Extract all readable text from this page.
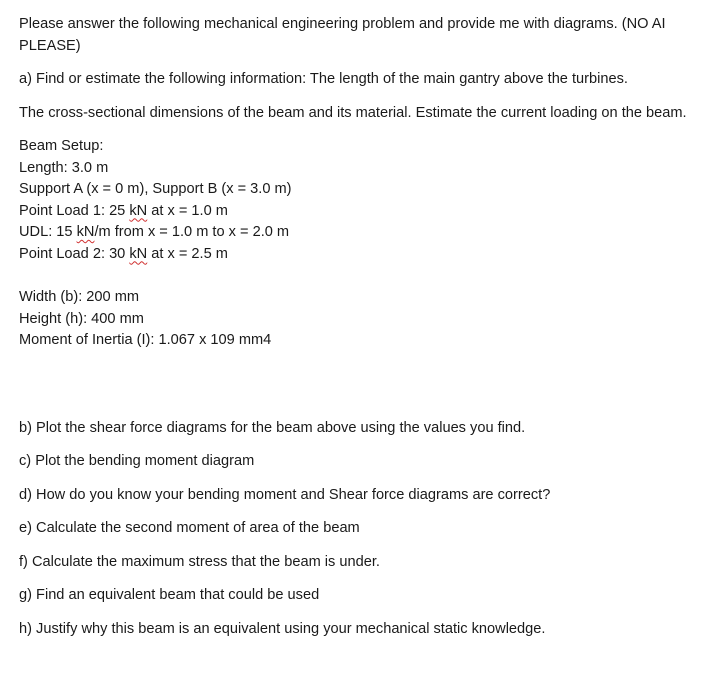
Please answer the following mechanical engineering problem and provide me with diagrams. (NO AI PLEASE)
a) Find or estimate the following information: The length of the main gantry above the turbines.
The cross-sectional dimensions of the beam and its material. Estimate the current loading on the beam.
Beam Setup:
Length: 3.0 m
Support A (x = 0 m), Support B (x = 3.0 m)
Point Load 1: 25 kN at x = 1.0 m
UDL: 15 kN/m from x = 1.0 m to x = 2.0 m
Point Load 2: 30 kN at x = 2.5 m
Width (b): 200 mm
Height (h): 400 mm
Moment of Inertia (I): 1.067 x 109 mm4
b) Plot the shear force diagrams for the beam above using the values you find.
c) Plot the bending moment diagram
d) How do you know your bending moment and Shear force diagrams are correct?
e) Calculate the second moment of area of the beam
f) Calculate the maximum stress that the beam is under.
g) Find an equivalent beam that could be used
h) Justify why this beam is an equivalent using your mechanical static knowledge.
